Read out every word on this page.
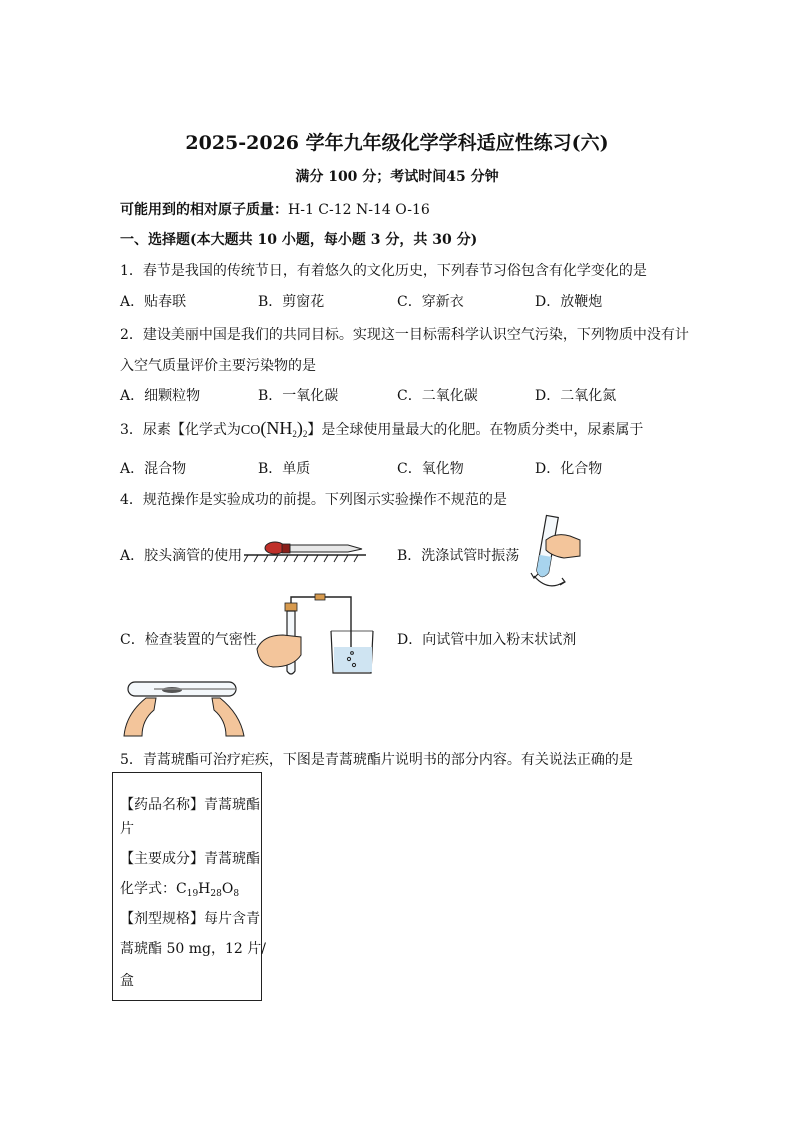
2025-2026 学年九年级化学学科适应性练习(六)
满分 100 分；考试时间45 分钟
可能用到的相对原子质量：H-1 C-12 N-14 O-16
一、选择题(本大题共 10 小题，每小题 3 分，共 30 分)
1．春节是我国的传统节日，有着悠久的文化历史，下列春节习俗包含有化学变化的是
A．贴春联	B．剪窗花	C．穿新衣	D．放鞭炮
2．建设美丽中国是我们的共同目标。实现这一目标需科学认识空气污染，下列物质中没有计
入空气质量评价主要污染物的是
A．细颗粒物	B．一氧化碳	C．二氧化碳	D．二氧化氮
3．尿素【化学式为$CO(NH_2)_2$】是全球使用量最大的化肥。在物质分类中，尿素属于
A．混合物	B．单质	C．氧化物	D．化合物
4．规范操作是实验成功的前提。下列图示实验操作不规范的是
A．胶头滴管的使用	B．洗涤试管时振荡
C．检查装置的气密性	D．向试管中加入粉末状试剂
5．青蒿琥酯可治疗疟疾，下图是青蒿琥酯片说明书的部分内容。有关说法正确的是
【药品名称】青蒿琥酯
片
【主要成分】青蒿琥酯
化学式：$C_{19}H_{28}O_8$
【剂型规格】每片含青
蒿琥酯 50 mg，12 片/
盒
